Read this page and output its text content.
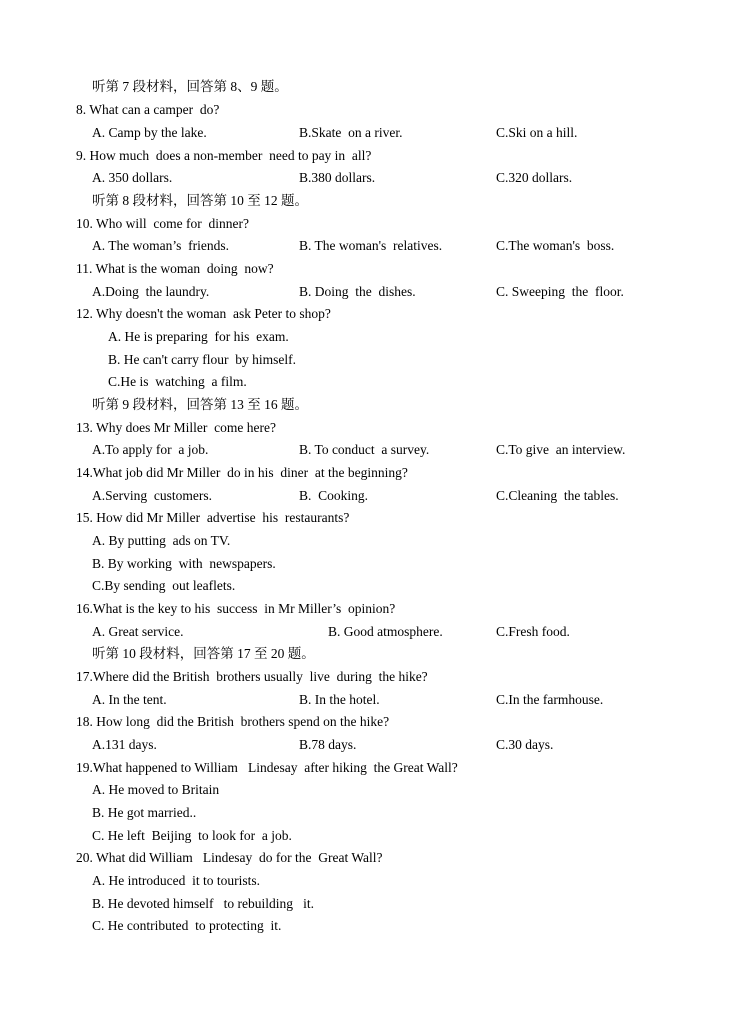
听第 7 段材料，回答第 8、9 题。
8. What can a camper  do?
A. Camp by the lake.	B.Skate  on a river.	C.Ski on a hill.
9. How much  does a non-member  need to pay in  all?
A. 350 dollars.	B.380 dollars.	C.320 dollars.
听第 8 段材料，回答第 10 至 12 题。
10. Who will  come for  dinner?
A. The woman’s  friends.	B. The woman's  relatives.	C.The woman's  boss.
11. What is the woman  doing  now?
A.Doing  the laundry.	B. Doing  the  dishes.	C. Sweeping  the  floor.
12. Why doesn't the woman  ask Peter to shop?
A. He is preparing  for his  exam.
B. He can't carry flour  by himself.
C.He is  watching  a film.
听第 9 段材料，回答第 13 至 16 题。
13. Why does Mr Miller  come here?
A.To apply for  a job.	B. To conduct  a survey.	C.To give  an interview.
14.What job did Mr Miller  do in his  diner  at the beginning?
A.Serving  customers.	B.  Cooking.	C.Cleaning  the tables.
15. How did Mr Miller  advertise  his  restaurants?
A. By putting  ads on TV.
B. By working  with  newspapers.
C.By sending  out leaflets.
16.What is the key to his  success  in Mr Miller’s  opinion?
A. Great service.	B. Good atmosphere.	C.Fresh food.
听第 10 段材料，回答第 17 至 20 题。
17.Where did the British  brothers usually  live  during  the hike?
A. In the tent.	B. In the hotel.	C.In the farmhouse.
18. How long  did the British  brothers spend on the hike?
A.131 days.	B.78 days.	C.30 days.
19.What happened to William   Lindesay  after hiking  the Great Wall?
A. He moved to Britain
B. He got married..
C. He left  Beijing  to look for  a job.
20. What did William   Lindesay  do for the  Great Wall?
A. He introduced  it to tourists.
B. He devoted himself   to rebuilding   it.
C. He contributed  to protecting  it.
